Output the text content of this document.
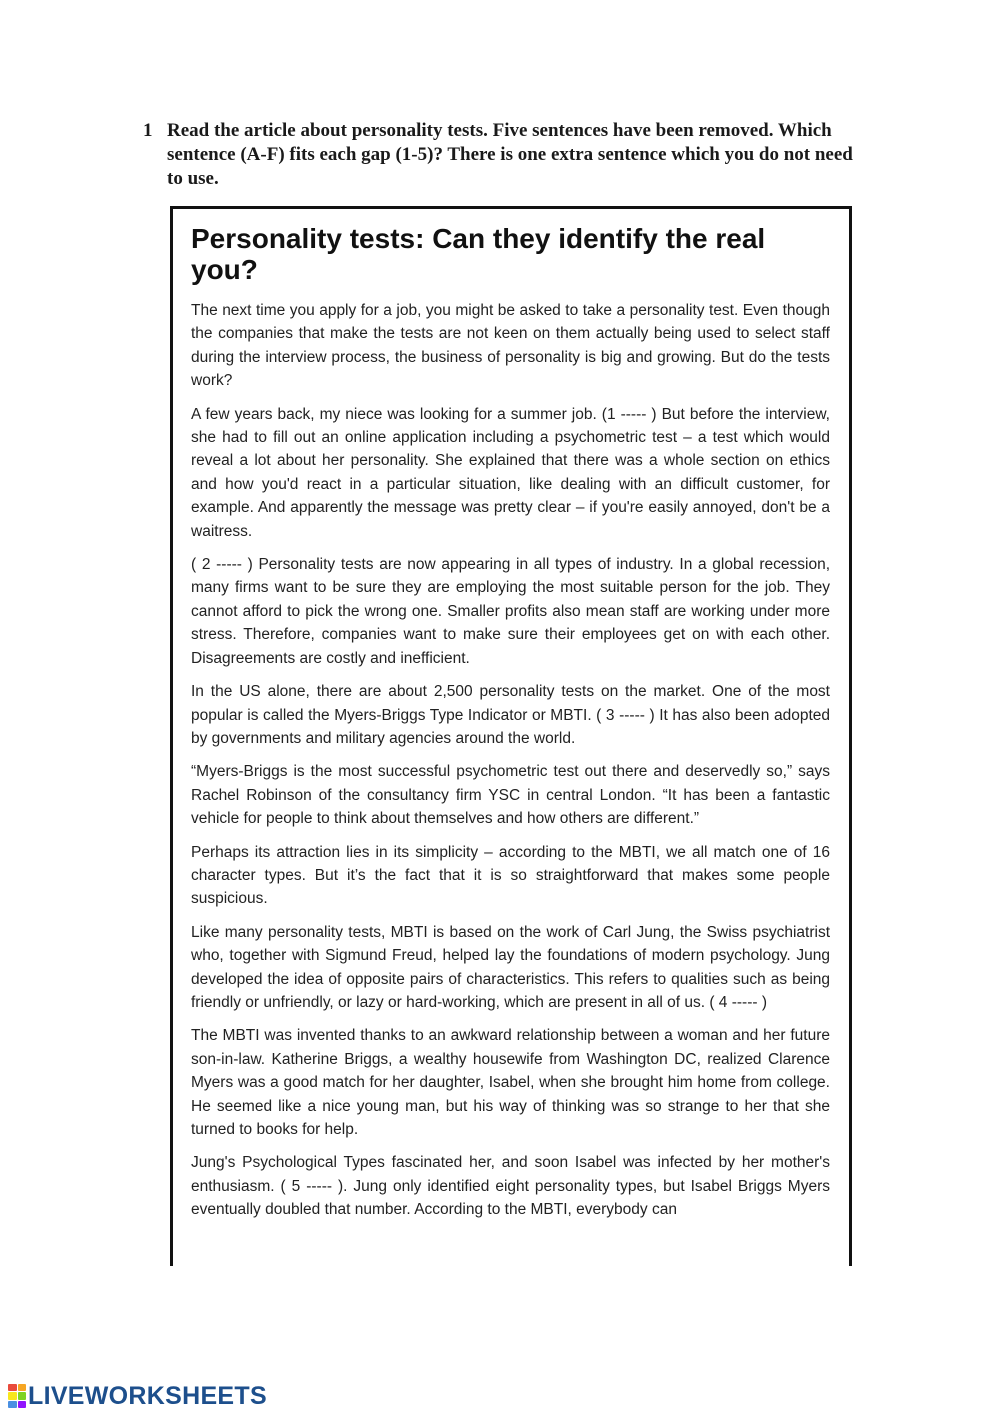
1 Read the article about personality tests. Five sentences have been removed. Which sentence (A-F) fits each gap (1-5)? There is one extra sentence which you do not need to use.
Personality tests: Can they identify the real you?

The next time you apply for a job, you might be asked to take a personality test. Even though the companies that make the tests are not keen on them actually being used to select staff during the interview process, the business of personality is big and growing. But do the tests work?

A few years back, my niece was looking for a summer job. (1 ----- ) But before the interview, she had to fill out an online application including a psychometric test – a test which would reveal a lot about her personality. She explained that there was a whole section on ethics and how you'd react in a particular situation, like dealing with an difficult customer, for example. And apparently the message was pretty clear – if you're easily annoyed, don't be a waitress.

( 2 ----- ) Personality tests are now appearing in all types of industry. In a global recession, many firms want to be sure they are employing the most suitable person for the job. They cannot afford to pick the wrong one. Smaller profits also mean staff are working under more stress. Therefore, companies want to make sure their employees get on with each other. Disagreements are costly and inefficient.

In the US alone, there are about 2,500 personality tests on the market. One of the most popular is called the Myers-Briggs Type Indicator or MBTI. ( 3 ----- ) It has also been adopted by governments and military agencies around the world.

“Myers-Briggs is the most successful psychometric test out there and deservedly so,” says Rachel Robinson of the consultancy firm YSC in central London. “It has been a fantastic vehicle for people to think about themselves and how others are different.”

Perhaps its attraction lies in its simplicity – according to the MBTI, we all match one of 16 character types. But it’s the fact that it is so straightforward that makes some people suspicious.

Like many personality tests, MBTI is based on the work of Carl Jung, the Swiss psychiatrist who, together with Sigmund Freud, helped lay the foundations of modern psychology. Jung developed the idea of opposite pairs of characteristics. This refers to qualities such as being friendly or unfriendly, or lazy or hard-working, which are present in all of us. ( 4 ----- )

The MBTI was invented thanks to an awkward relationship between a woman and her future son-in-law. Katherine Briggs, a wealthy housewife from Washington DC, realized Clarence Myers was a good match for her daughter, Isabel, when she brought him home from college. He seemed like a nice young man, but his way of thinking was so strange to her that she turned to books for help.

Jung's Psychological Types fascinated her, and soon Isabel was infected by her mother's enthusiasm. ( 5 ----- ). Jung only identified eight personality types, but Isabel Briggs Myers eventually doubled that number. According to the MBTI, everybody can

LIVEWORKSHEETS
